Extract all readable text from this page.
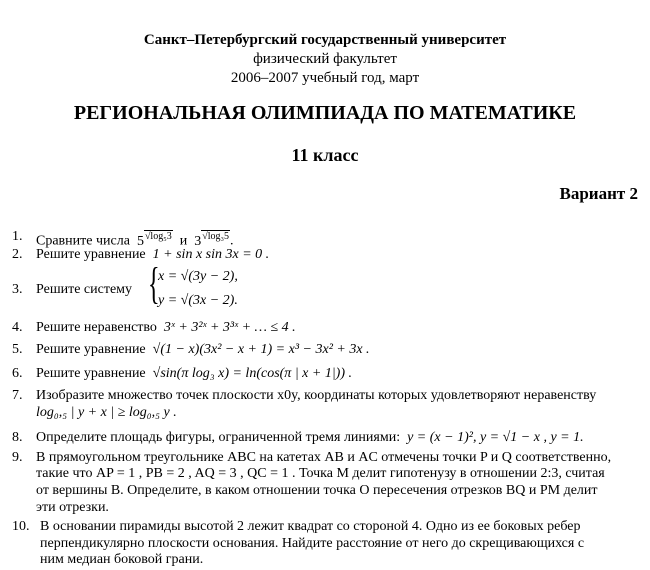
Санкт–Петербургский государственный университет
физический факультет
2006–2007 учебный год, март
РЕГИОНАЛЬНАЯ ОЛИМПИАДА ПО МАТЕМАТИКЕ
11 класс
Вариант 2
1. Сравните числа $5^{√log_53}$ и $3^{√log_35}$.
2. Решите уравнение 1 + sin x sin 3x = 0 .
3. Решите систему {
x = √(3y − 2),
y = √(3x − 2).
4. Решите неравенство 3ˣ + 3²ˣ + 3³ˣ + … ≤ 4 .
5. Решите уравнение √(1 − x)(3x² − x + 1) = x³ − 3x² + 3x .
6. Решите уравнение √sin(π log₃ x) = ln(cos(π | x + 1|)) .
7. Изобразите множество точек плоскости x0y, координаты которых удовлетворяют неравенству
log₀,₅ | y + x | ≥ log₀,₅ y .
8. Определите площадь фигуры, ограниченной тремя линиями: y = (x − 1)², y = √1 − x , y = 1.
9. В прямоугольном треугольнике ABC на катетах AB и AC отмечены точки P и Q соответственно,
такие что AP = 1 , PB = 2 , AQ = 3 , QC = 1 . Точка M делит гипотенузу в отношении 2:3, считая
от вершины B. Определите, в каком отношении точка O пересечения отрезков BQ и PM делит
эти отрезки.
10. В основании пирамиды высотой 2 лежит квадрат со стороной 4. Одно из ее боковых ребер
перпендикулярно плоскости основания. Найдите расстояние от него до скрещивающихся с
ним медиан боковой грани.
